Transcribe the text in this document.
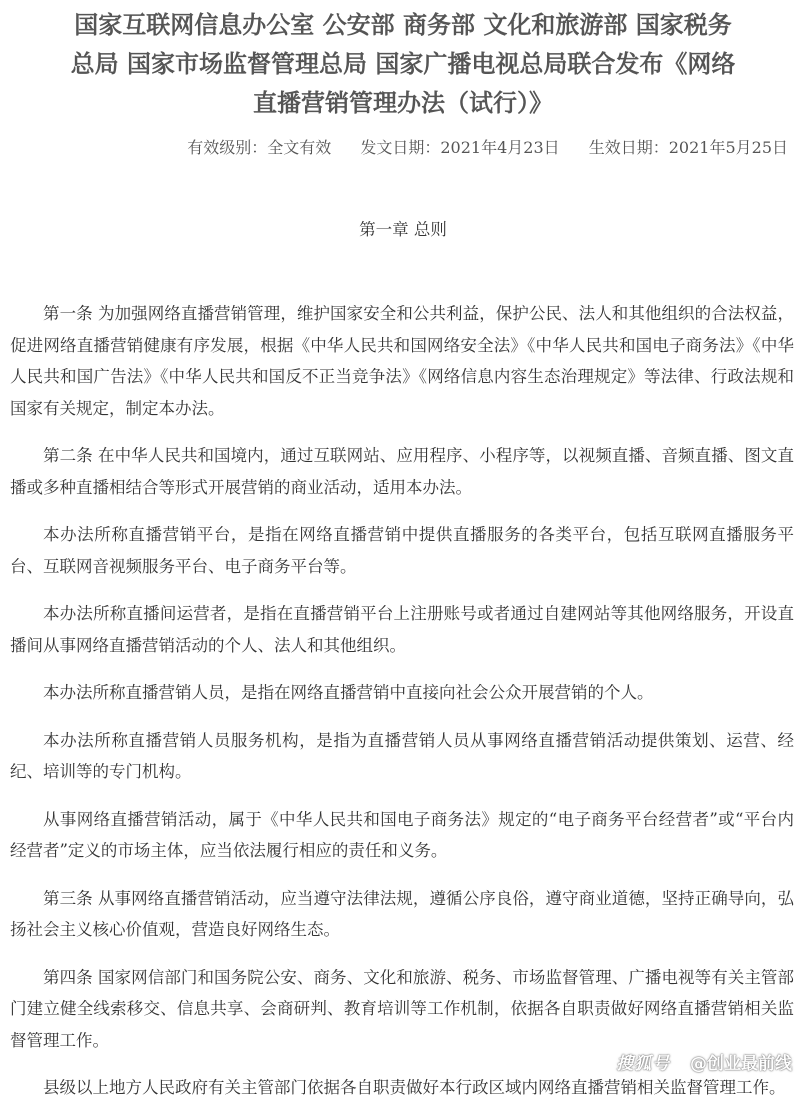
国家互联网信息办公室 公安部 商务部 文化和旅游部 国家税务
总局 国家市场监督管理总局 国家广播电视总局联合发布《网络
直播营销管理办法（试行）》
有效级别：全文有效 发文日期：2021年4月23日 生效日期：2021年5月25日
第一章 总则

第一条 为加强网络直播营销管理，维护国家安全和公共利益，保护公民、法人和其他组织的合法权益，促进网络直播营销健康有序发展，根据《中华人民共和国网络安全法》《中华人民共和国电子商务法》《中华人民共和国广告法》《中华人民共和国反不正当竞争法》《网络信息内容生态治理规定》等法律、行政法规和国家有关规定，制定本办法。

第二条 在中华人民共和国境内，通过互联网站、应用程序、小程序等，以视频直播、音频直播、图文直播或多种直播相结合等形式开展营销的商业活动，适用本办法。

本办法所称直播营销平台，是指在网络直播营销中提供直播服务的各类平台，包括互联网直播服务平台、互联网音视频服务平台、电子商务平台等。

本办法所称直播间运营者，是指在直播营销平台上注册账号或者通过自建网站等其他网络服务，开设直播间从事网络直播营销活动的个人、法人和其他组织。

本办法所称直播营销人员，是指在网络直播营销中直接向社会公众开展营销的个人。

本办法所称直播营销人员服务机构，是指为直播营销人员从事网络直播营销活动提供策划、运营、经纪、培训等的专门机构。

从事网络直播营销活动，属于《中华人民共和国电子商务法》规定的“电子商务平台经营者”或“平台内经营者”定义的市场主体，应当依法履行相应的责任和义务。

第三条 从事网络直播营销活动，应当遵守法律法规，遵循公序良俗，遵守商业道德，坚持正确导向，弘扬社会主义核心价值观，营造良好网络生态。

第四条 国家网信部门和国务院公安、商务、文化和旅游、税务、市场监督管理、广播电视等有关主管部门建立健全线索移交、信息共享、会商研判、教育培训等工作机制，依据各自职责做好网络直播营销相关监督管理工作。

县级以上地方人民政府有关主管部门依据各自职责做好本行政区域内网络直播营销相关监督管理工作。

搜狐号 @创业最前线
